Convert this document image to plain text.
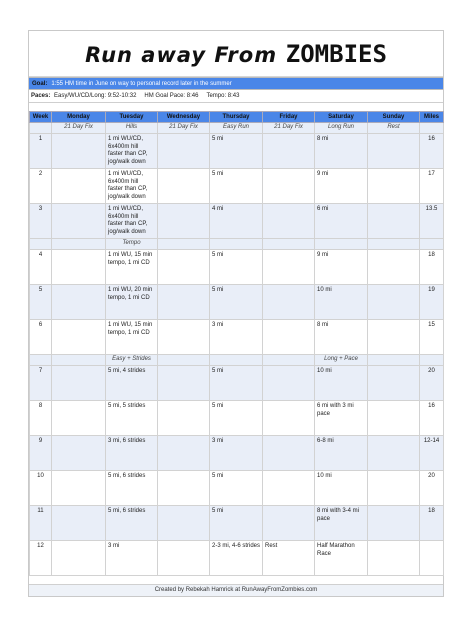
Run away From ZOMBIES
Goal: 1:55 HM time in June on way to personal record later in the summer
Paces: Easy/WU/CD/Long: 9:52-10:32 HM Goal Pace: 8:46 Tempo: 8:43
Week	Monday	Tuesday	Wednesday	Thursday	Friday	Saturday	Sunday	Miles
	21 Day Fix	Hills	21 Day Fix	Easy Run	21 Day Fix	Long Run	Rest	
1		1 mi WU/CD, 6x400m hill faster than CP, jog/walk down		5 mi		8 mi		16
2		1 mi WU/CD, 6x400m hill faster than CP, jog/walk down		5 mi		9 mi		17
3		1 mi WU/CD, 6x400m hill faster than CP, jog/walk down		4 mi		6 mi		13.5
		Tempo						
4		1 mi WU, 15 min tempo, 1 mi CD		5 mi		9 mi		18
5		1 mi WU, 20 min tempo, 1 mi CD		5 mi		10 mi		19
6		1 mi WU, 15 min tempo, 1 mi CD		3 mi		8 mi		15
		Easy + Strides				Long + Pace		
7		5 mi, 4 strides		5 mi		10 mi		20
8		5 mi, 5 strides		5 mi		6 mi with 3 mi pace		16
9		3 mi, 6 strides		3 mi		6-8 mi		12-14
10		5 mi, 6 strides		5 mi		10 mi		20
11		5 mi, 6 strides		5 mi		8 mi with 3-4 mi pace		18
12		3 mi		2-3 mi, 4-6 strides	Rest	Half Marathon Race		
Created by Rebekah Hamrick at RunAwayFromZombies.com
